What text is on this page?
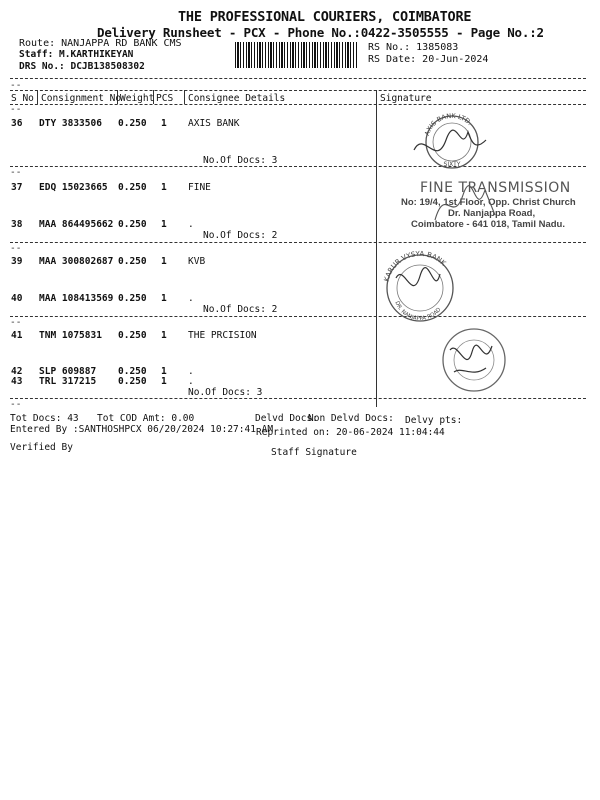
THE PROFESSIONAL COURIERS, COIMBATORE
Delivery Runsheet - PCX - Phone No.:0422-3505555 - Page No.:2
Route: NANJAPPA RD BANK CMS
Staff: M.KARTHIKEYAN
DRS No.: DCJB138508302
RS No.: 1385083
RS Date: 20-Jun-2024
--
S No Consignment No
Weight PCS Consignee Details	Signature
--
36 DTY 3833506 0.250 1 AXIS BANK
No.Of Docs: 3
--
37 EDQ 15023665 0.250 1 FINE
38 MAA 864495662 0.250 1 .
No.Of Docs: 2
--
39 MAA 300802687 0.250 1 KVB
40 MAA 108413569 0.250 1 .
No.Of Docs: 2
--
41 TNM 1075831 0.250 1 THE PRCISION
42 SLP 609887 0.250 1 .
43 TRL 317215 0.250 1 .
No.Of Docs: 3
--
AXIS BANK LTD.
SIXTY
FINE TRANSMISSION
No: 19/4, 1st Floor, Opp. Christ Church
Dr. Nanjappa Road,
Coimbatore - 641 018, Tamil Nadu.
KARUR VYSYA BANK
DR. NANJAPPA ROAD
Tot Docs: 43 Tot COD Amt: 0.00	Delvd Docs:
Non Delvd Docs: Delvy pts:
Entered By :SANTHOSHPCX 06/20/2024 10:27:41 AM
Reprinted on: 20-06-2024 11:04:44
Verified By	Staff Signature
